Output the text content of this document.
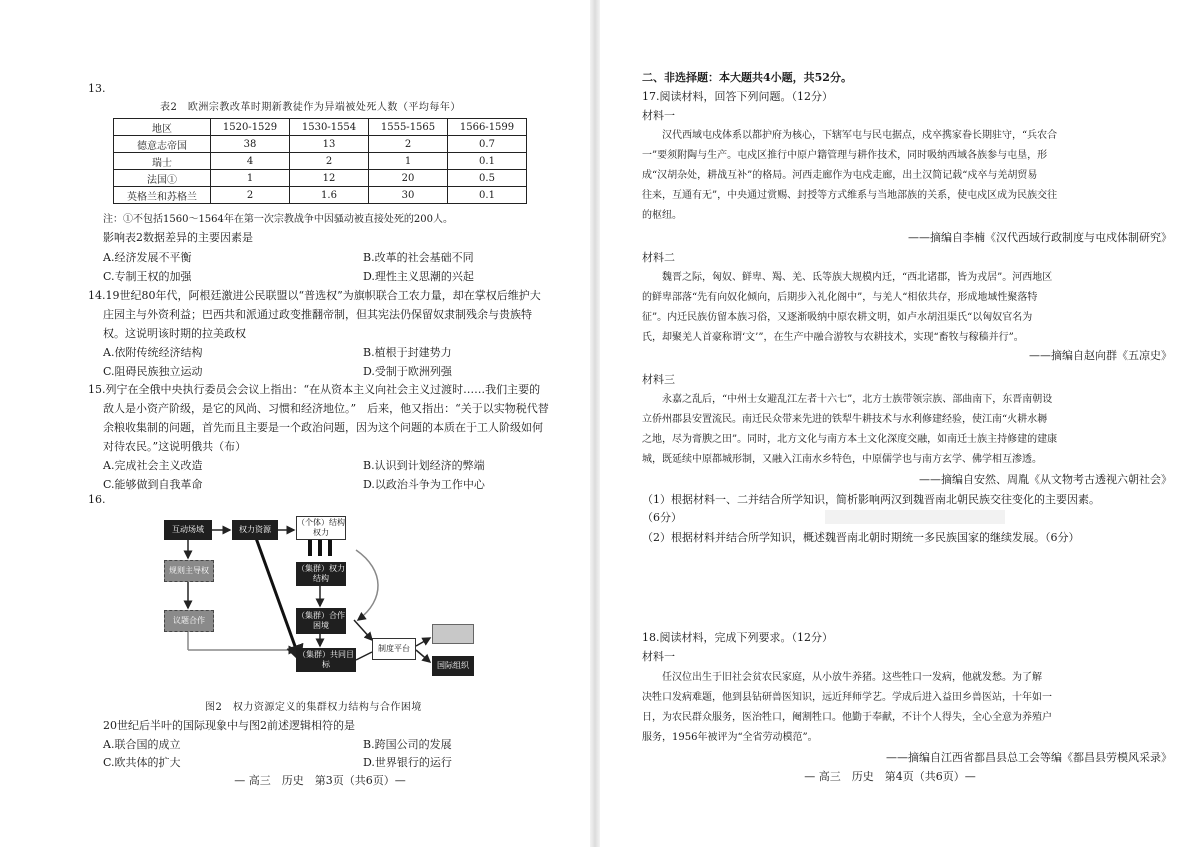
13.
表2　欧洲宗教改革时期新教徒作为异端被处死人数（平均每年）
地区	1520-1529	1530-1554	1555-1565	1566-1599
德意志帝国	38	13	2	0.7
瑞士	4	2	1	0.1
法国①	1	12	20	0.5
英格兰和苏格兰	2	1.6	30	0.1
注：①不包括1560～1564年在第一次宗教战争中因骚动被直接处死的200人。
影响表2数据差异的主要因素是
A.经济发展不平衡	B.改革的社会基础不同
C.专制王权的加强	D.理性主义思潮的兴起
14.19世纪80年代，阿根廷激进公民联盟以“普选权”为旗帜联合工农力量，却在掌权后维护大
庄园主与外资利益；巴西共和派通过政变推翻帝制，但其宪法仍保留奴隶制残余与贵族特
权。这说明该时期的拉美政权
A.依附传统经济结构	B.植根于封建势力
C.阻碍民族独立运动	D.受制于欧洲列强
15.列宁在全俄中央执行委员会会议上指出：“在从资本主义向社会主义过渡时……我们主要的
敌人是小资产阶级，是它的风尚、习惯和经济地位。”　后来，他又指出：“关于以实物税代替
余粮收集制的问题，首先而且主要是一个政治问题，因为这个问题的本质在于工人阶级如何
对待农民。”这说明俄共（布）
A.完成社会主义改造	B.认识到计划经济的弊端
C.能够做到自我革命	D.以政治斗争为工作中心
16.
互动场域	权力资源
（个体）结构权力
规则主导权	（集群）权力结构
议题合作
（集群）合作困境
（集群）共同目标
制度平台
国际组织
图2　权力资源定义的集群权力结构与合作困境
20世纪后半叶的国际现象中与图2前述逻辑相符的是
A.联合国的成立	B.跨国公司的发展
C.欧共体的扩大	D.世界银行的运行
— 高三　历史　第3页（共6页）—
二、非选择题：本大题共4小题，共52分。
17.阅读材料，回答下列问题。（12分）
材料一
汉代西域屯戍体系以都护府为核心，下辖军屯与民屯据点，戍卒携家眷长期驻守，“兵农合
一”要须附陶与生产。屯戍区推行中原户籍管理与耕作技术，同时吸纳西域各族参与屯垦，形
成“汉胡杂处，耕战互补”的格局。河西走廊作为屯戍走廊，出土汉简记载“戍卒与羌胡贸易
往来，互通有无”，中央通过赏赐、封授等方式维系与当地部族的关系，使屯戍区成为民族交往
的枢纽。
——摘编自李楠《汉代西域行政制度与屯戍体制研究》
材料二
魏晋之际，匈奴、鲜卑、羯、羌、氐等族大规模内迁，“西北诸郡，皆为戎居”。河西地区
的鲜卑部落“先有向奴化倾向，后期步入礼化阁中”，与羌人“相依共存，形成地域性聚落特
征”。内迁民族仿留本族习俗，又逐渐吸纳中原农耕文明，如卢水胡沮渠氏“以匈奴官名为
氏，却聚羌人首豪称谓‘文’”，在生产中融合游牧与农耕技术，实现“畜牧与稼穑并行”。
——摘编自赵向群《五凉史》
材料三
永嘉之乱后，“中州士女避乱江左者十六七”，北方士族带领宗族、部曲南下，东晋南朝设
立侨州郡县安置流民。南迁民众带来先进的铁犁牛耕技术与水利修建经验，使江南“火耕水耨
之地，尽为膏腴之田”。同时，北方文化与南方本土文化深度交融，如南迁士族主持修建的建康
城，既延续中原都城形制，又融入江南水乡特色，中原儒学也与南方玄学、佛学相互渗透。
——摘编自安然、周胤《从文物考古透视六朝社会》
（1）根据材料一、二并结合所学知识，简析影响两汉到魏晋南北朝民族交往变化的主要因素。
（6分）
（2）根据材料并结合所学知识，概述魏晋南北朝时期统一多民族国家的继续发展。（6分）
18.阅读材料，完成下列要求。（12分）
材料一
任汉位出生于旧社会贫农民家庭，从小放牛养猪。这些牲口一发病，他就发愁。为了解
决牲口发病难题，他到县钻研兽医知识，远近拜师学艺。学成后进入益田乡兽医站，十年如一
日，为农民群众服务，医治牲口，阉割牲口。他勤于奉献，不计个人得失，全心全意为养殖户
服务，1956年被评为“全省劳动模范”。
——摘编自江西省都昌县总工会等编《都昌县劳模风采录》
— 高三　历史　第4页（共6页）—
